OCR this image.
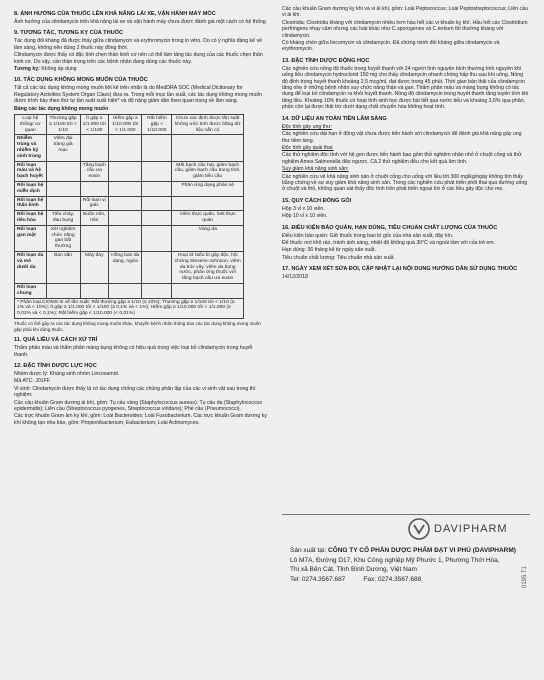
8. ẢNH HƯỞNG CỦA THUỐC LÊN KHẢ NĂNG LÁI XE, VẬN HÀNH MÁY MÓC

Ảnh hưởng của clindamycin trên khả năng lái xe và vận hành máy chưa được đánh giá một cách có hệ thống.

9. TƯƠNG TÁC, TƯƠNG KỴ CỦA THUỐC

Tác dụng đối kháng đã được thấy giữa clindamycin và erythromycin trong in vitro. Do có ý nghĩa đáng kể về lâm sàng, không nên dùng 2 thuốc này đồng thời.

Clindamycin được thấy có đặc tính chẹn thần kinh cơ nên có thể làm tăng tác dụng của các thuốc chẹn thần kinh cơ. Do vậy, cần thận trọng trên các bệnh nhân đang dùng các thuốc này.

Tương kỵ: Không áp dụng

10. TÁC DỤNG KHÔNG MONG MUỐN CỦA THUỐC

Tất cả các tác dụng không mong muốn liệt kê trên nhãn là do MedDRA SOC (Medical Dictionary for Regulatory Activities System Organ Class) đưa ra. Trong mỗi mục tần suất, các tác dụng không mong muốn được trình bày theo thứ tự tần suất xuất hiện* và độ nặng giảm dần theo quan trọng về lâm sàng.

Bảng các tác dụng không mong muốn

Loại hệ thống/ cơ quan	Thường gặp ≥ 1/100 tới < 1/10	Ít gặp ≥ 1/1.000 tới < 1/100	Hiếm gặp ≥ 1/10.000 tới < 1/1.000	Rất hiếm gặp < 1/10.000	Chưa xác định được tần suất không ước tính được bằng dữ liệu sẵn có
Nhiễm trùng và nhiễm ký sinh trùng	Viêm đại tràng giả mạc				
Rối loạn máu và hệ bạch huyết		Tăng bạch cầu ưa eosin			Mất bạch cầu hạt, giảm bạch cầu, giảm bạch cầu trung tính, giảm tiểu cầu
Rối loạn hệ miễn dịch					Phản ứng dạng phản vệ
Rối loạn hệ thần kinh		Rối loạn vị giác			
Rối loạn hệ tiêu hóa	Tiêu chảy, đau bụng	Buồn nôn, nôn			Viêm thực quản, loét thực quản
Rối loạn gan mật	Xét nghiệm chức năng gan bất thường				Vàng da
Rối loạn da và mô dưới da	Ban sần	Mày đay	Hồng ban đa dạng, ngứa		Hoại tử biểu bì gây độc, hội chứng Stevens-Johnson, viêm da tróc vảy, viêm da bọng nước, phản ứng thuốc với tăng bạch cầu ưa eosin
Rối loạn chung					
* Phân loại CIOMS III về tần suất: Rất thường gặp ≥ 1/10 (≥ 10%); Thường gặp ≥ 1/100 tới < 1/10 (≥ 1% và < 10%); Ít gặp ≥ 1/1.000 tới < 1/100 (≥ 0,1% và < 1%); Hiếm gặp ≥ 1/10.000 tới < 1/1.000 (≥ 0,01% và < 0,1%); Rất hiếm gặp < 1/10.000 (< 0,01%)					

Thuốc có thể gây ra các tác dụng không mong muốn khác, khuyến bệnh nhân thông báo các tác dụng không mong muốn gặp phải khi dùng thuốc.

11. QUÁ LIỀU VÀ CÁCH XỬ TRÍ

Thẩm phân máu và thẩm phân màng bụng không có hiệu quả trong việc loại bỏ clindamycin trong huyết thanh.

12. ĐẶC TÍNH DƯỢC LỰC HỌC

Nhóm dược lý: Kháng sinh nhóm Lincosamid.

Mã ATC: J01FF.

Vi sinh: Clindamycin được thấy là có tác dụng chống các chủng phân lập của các vi sinh vật sau trong thí nghiệm:

Các cầu khuẩn Gram dương ái khí, gồm: Tụ cầu vàng (Staphylococcus aureus); Tụ cầu da (Staphylococcus epidermidis); Liên cầu (Streptococcus pyogenes, Streptococcus viridans); Phế cầu (Pneumococci).

Các trực khuẩn Gram âm kỵ khí, gồm: Loài Bacteroides; Loài Fusobacterium. Các trực khuẩn Gram dương kỵ khí không tạo nha bào, gồm: Propionibacterium; Eubacterium; Loài Actinomyces.

Các cầu khuẩn Gram dương kỵ khí và vi ái khí, gồm: Loài Peptococcus; Loài Peptostreptococcus; Liên cầu vi ái khí.

Clostridia: Clostridia kháng với clindamycin nhiều hơn hầu hết các vi khuẩn kỵ khí. Hầu hết các Clostridium perfringens nhạy cảm nhưng các loài khác như C.sporogenes và C.tertium thì thường kháng với clindamycin.

Có kháng chéo giữa lincomycin và clindamycin. Đã chứng minh đối kháng giữa clindamycin và erythromycin.

13. ĐẶC TÍNH DƯỢC ĐỘNG HỌC

Các nghiên cứu nồng độ thuốc trong huyết thanh với 24 người tình nguyện bình thường tính nguyên khi uống liều clindamycin hydroclorid 150 mg cho thấy clindamycin nhanh chóng hấp thu sau khi uống. Nồng độ đỉnh trong huyết thanh khoảng 2,5 mcg/ml, đạt được trong 45 phút. Thời gian bán thải của clindamycin tăng nhẹ ở những bệnh nhân suy chức năng thận và gan. Thẩm phân máu và màng bụng không có tác dụng để loại bỏ clindamycin ra khỏi huyết thanh. Nồng độ clindamycin trong huyết thanh tăng tuyến tính khi tăng liều. Khoảng 10% thuốc có hoạt tính sinh học được bài tiết qua nước tiểu và khoảng 3,6% qua phân, phần còn lại được thải trừ dưới dạng chất chuyển hóa không hoạt tính.

14. DỮ LIỆU AN TOÀN TIỀN LÂM SÀNG

Độc tính gây ung thư:

Các nghiên cứu dài hạn ở động vật chưa được tiến hành với clindamycin để đánh giá khả năng gây ung thư tiềm tàng.

Độc tính gây quái thai:

Các thử nghiệm độc tính với hệ gen được tiến hành bao gồm thử nghiệm nhân nhỏ ở chuột cống và thử nghiệm Ames Salmonella đảo ngược. Cả 2 thử nghiệm đều cho kết quả âm tính.

Suy giảm khả năng sinh sản:

Các nghiên cứu về khả năng sinh sản ở chuột cống cho uống với liều tới 300 mg/kg/ngày không tìm thấy bằng chứng về sự suy giảm khả năng sinh sản. Trong các nghiên cứu phát triển phôi thai qua đường uống ở chuột và thỏ, không quan sát thấy độc tính trên phát triển ngoại trừ ở các liều gây độc cho mẹ.

15. QUY CÁCH ĐÓNG GÓI

Hộp 3 vỉ x 10 viên.

Hộp 10 vỉ x 10 viên.

16. ĐIỀU KIỆN BẢO QUẢN, HẠN DÙNG, TIÊU CHUẨN CHẤT LƯỢNG CỦA THUỐC

Điều kiện bảo quản: Giữ thuốc trong bao bì gốc của nhà sản xuất, đậy kín.

Để thuốc nơi khô ráo, tránh ánh sáng, nhiệt độ không quá 30°C và ngoài tầm với của trẻ em.

Hạn dùng: 36 tháng kể từ ngày sản xuất.

Tiêu chuẩn chất lượng: Tiêu chuẩn nhà sản xuất.

17. NGÀY XEM XÉT SỬA ĐỔI, CẬP NHẬT LẠI NỘI DUNG HƯỚNG DẪN SỬ DỤNG THUỐC

14/12/2018

DAVIPHARM
Sản xuất tại: CÔNG TY CỔ PHẦN DƯỢC PHẨM ĐẠT VI PHÚ (DAVIPHARM)
Lô M7A, Đường D17, Khu Công nghiệp Mỹ Phước 1, Phường Thới Hòa,
Thị xã Bến Cát, Tỉnh Bình Dương, Việt Nam
Tel: 0274.3567.687	Fax: 0274.3567.688	0195.T1
